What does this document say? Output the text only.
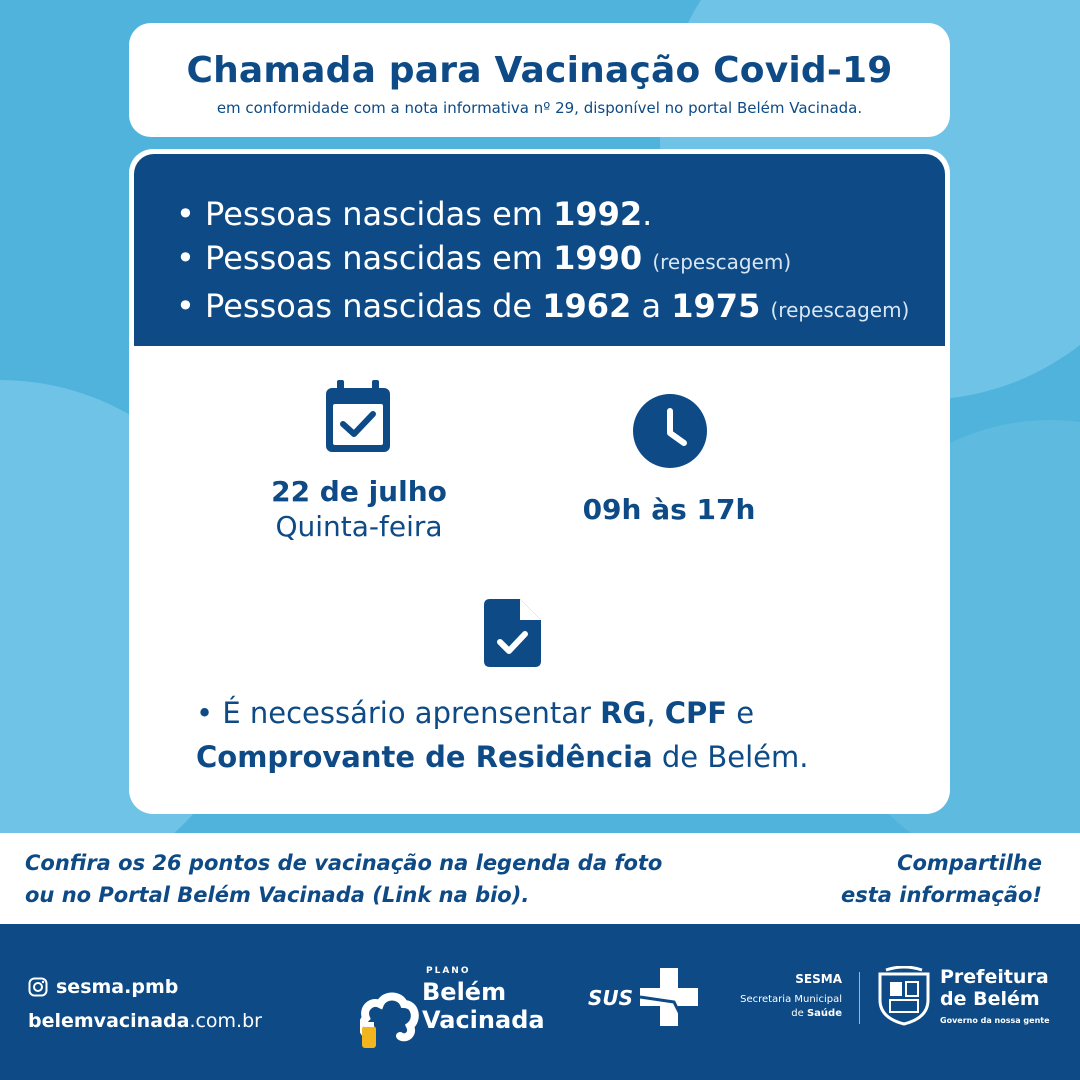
Chamada para Vacinação Covid-19

em conformidade com a nota informativa nº 29, disponível no portal Belém Vacinada.

• Pessoas nascidas em 1992.
• Pessoas nascidas em 1990 (repescagem)
• Pessoas nascidas de 1962 a 1975 (repescagem)
22 de julho
Quinta-feira
09h às 17h
• É necessário aprensentar RG, CPF e
Comprovante de Residência de Belém.
Confira os 26 pontos de vacinação na legenda da foto
ou no Portal Belém Vacinada (Link na bio).
Compartilhe
esta informação!
sesma.pmb
belemvacinada.com.br
PLANO
Belém
Vacinada
SUS
SESMA
Secretaria Municipal
de Saúde
Prefeitura
de Belém
Governo da nossa gente
